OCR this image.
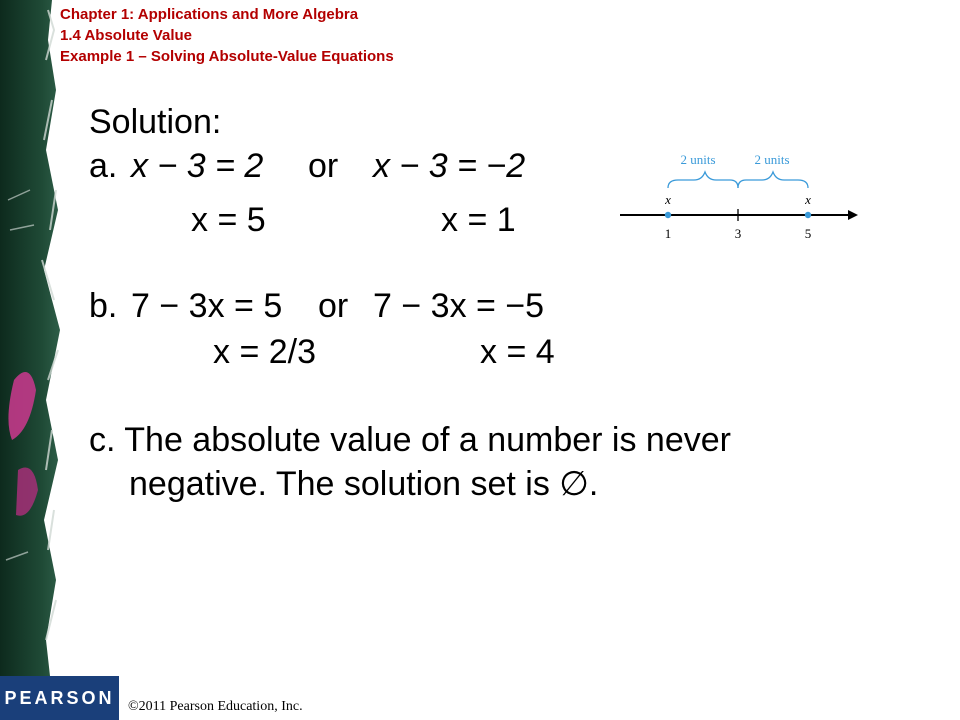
Chapter 1: Applications and More Algebra
1.4 Absolute Value
Example 1 – Solving Absolute-Value Equations
Solution:
a. x − 3 = 2 or x − 3 = −2
x = 5	x = 1
b. 7 − 3x = 5 or 7 − 3x = −5
x = 2/3	x = 4
c. The absolute value of a number is never
negative. The solution set is ∅.
2 units	2 units
x	x
1	3	5
PEARSON ©2011 Pearson Education, Inc.
